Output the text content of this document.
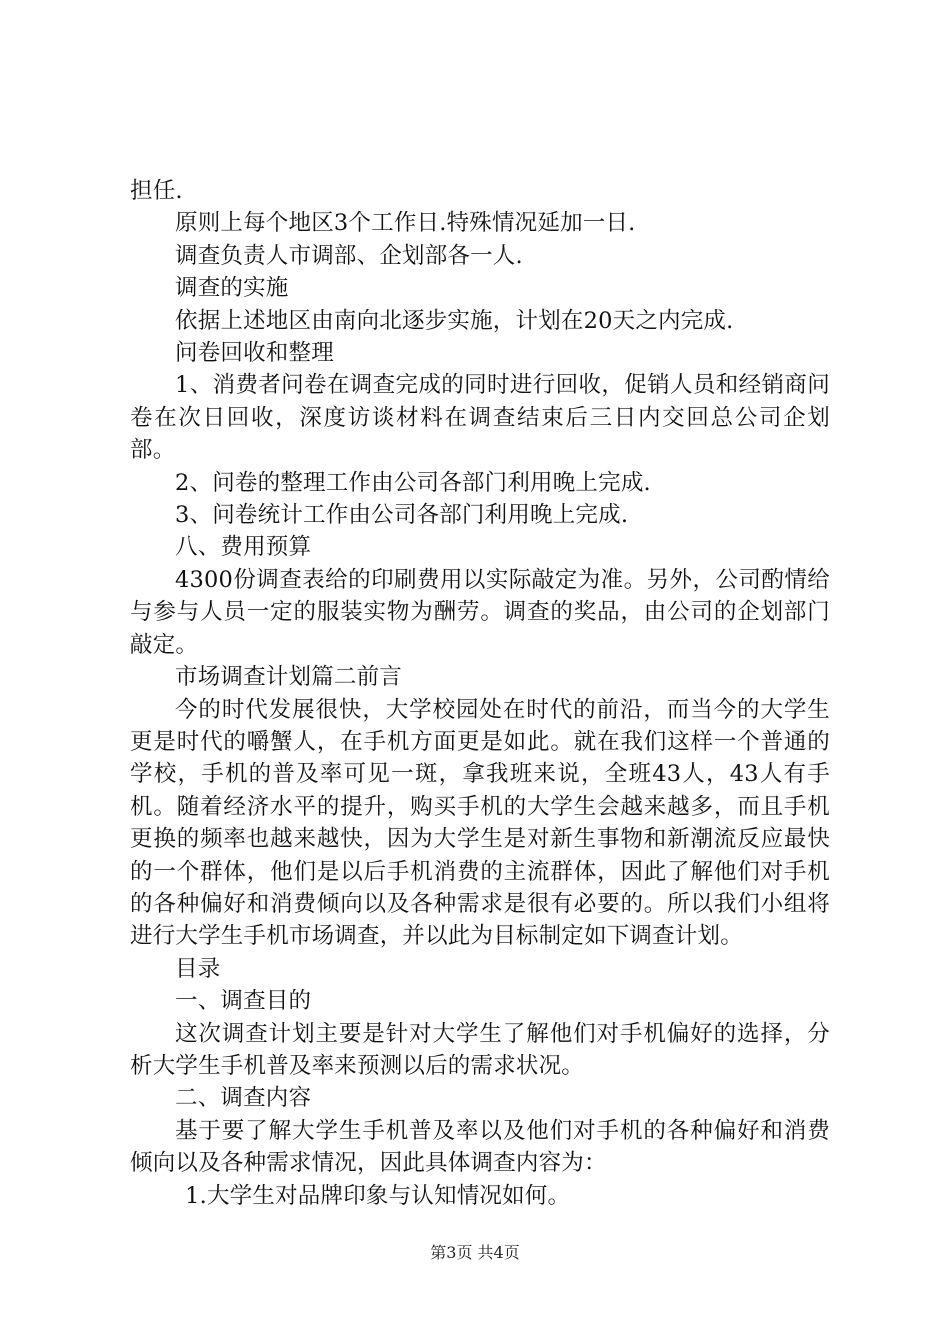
担任.

原则上每个地区3个工作日.特殊情况延加一日.

调查负责人市调部、企划部各一人.

调查的实施

依据上述地区由南向北逐步实施，计划在20天之内完成.

问卷回收和整理

1、消费者问卷在调查完成的同时进行回收，促销人员和经销商问卷在次日回收，深度访谈材料在调查结束后三日内交回总公司企划部。

2、问卷的整理工作由公司各部门利用晚上完成.

3、问卷统计工作由公司各部门利用晚上完成.

八、费用预算

4300份调查表给的印刷费用以实际敲定为准。另外，公司酌情给与参与人员一定的服装实物为酬劳。调查的奖品，由公司的企划部门敲定。

市场调查计划篇二前言

今的时代发展很快，大学校园处在时代的前沿，而当今的大学生更是时代的嚼蟹人，在手机方面更是如此。就在我们这样一个普通的学校，手机的普及率可见一斑，拿我班来说，全班43人，43人有手机。随着经济水平的提升，购买手机的大学生会越来越多，而且手机更换的频率也越来越快，因为大学生是对新生事物和新潮流反应最快的一个群体，他们是以后手机消费的主流群体，因此了解他们对手机的各种偏好和消费倾向以及各种需求是很有必要的。所以我们小组将进行大学生手机市场调查，并以此为目标制定如下调查计划。

目录

一、调查目的

这次调查计划主要是针对大学生了解他们对手机偏好的选择，分析大学生手机普及率来预测以后的需求状况。

二、调查内容

基于要了解大学生手机普及率以及他们对手机的各种偏好和消费倾向以及各种需求情况，因此具体调查内容为：

1.大学生对品牌印象与认知情况如何。

第3页 共4页
